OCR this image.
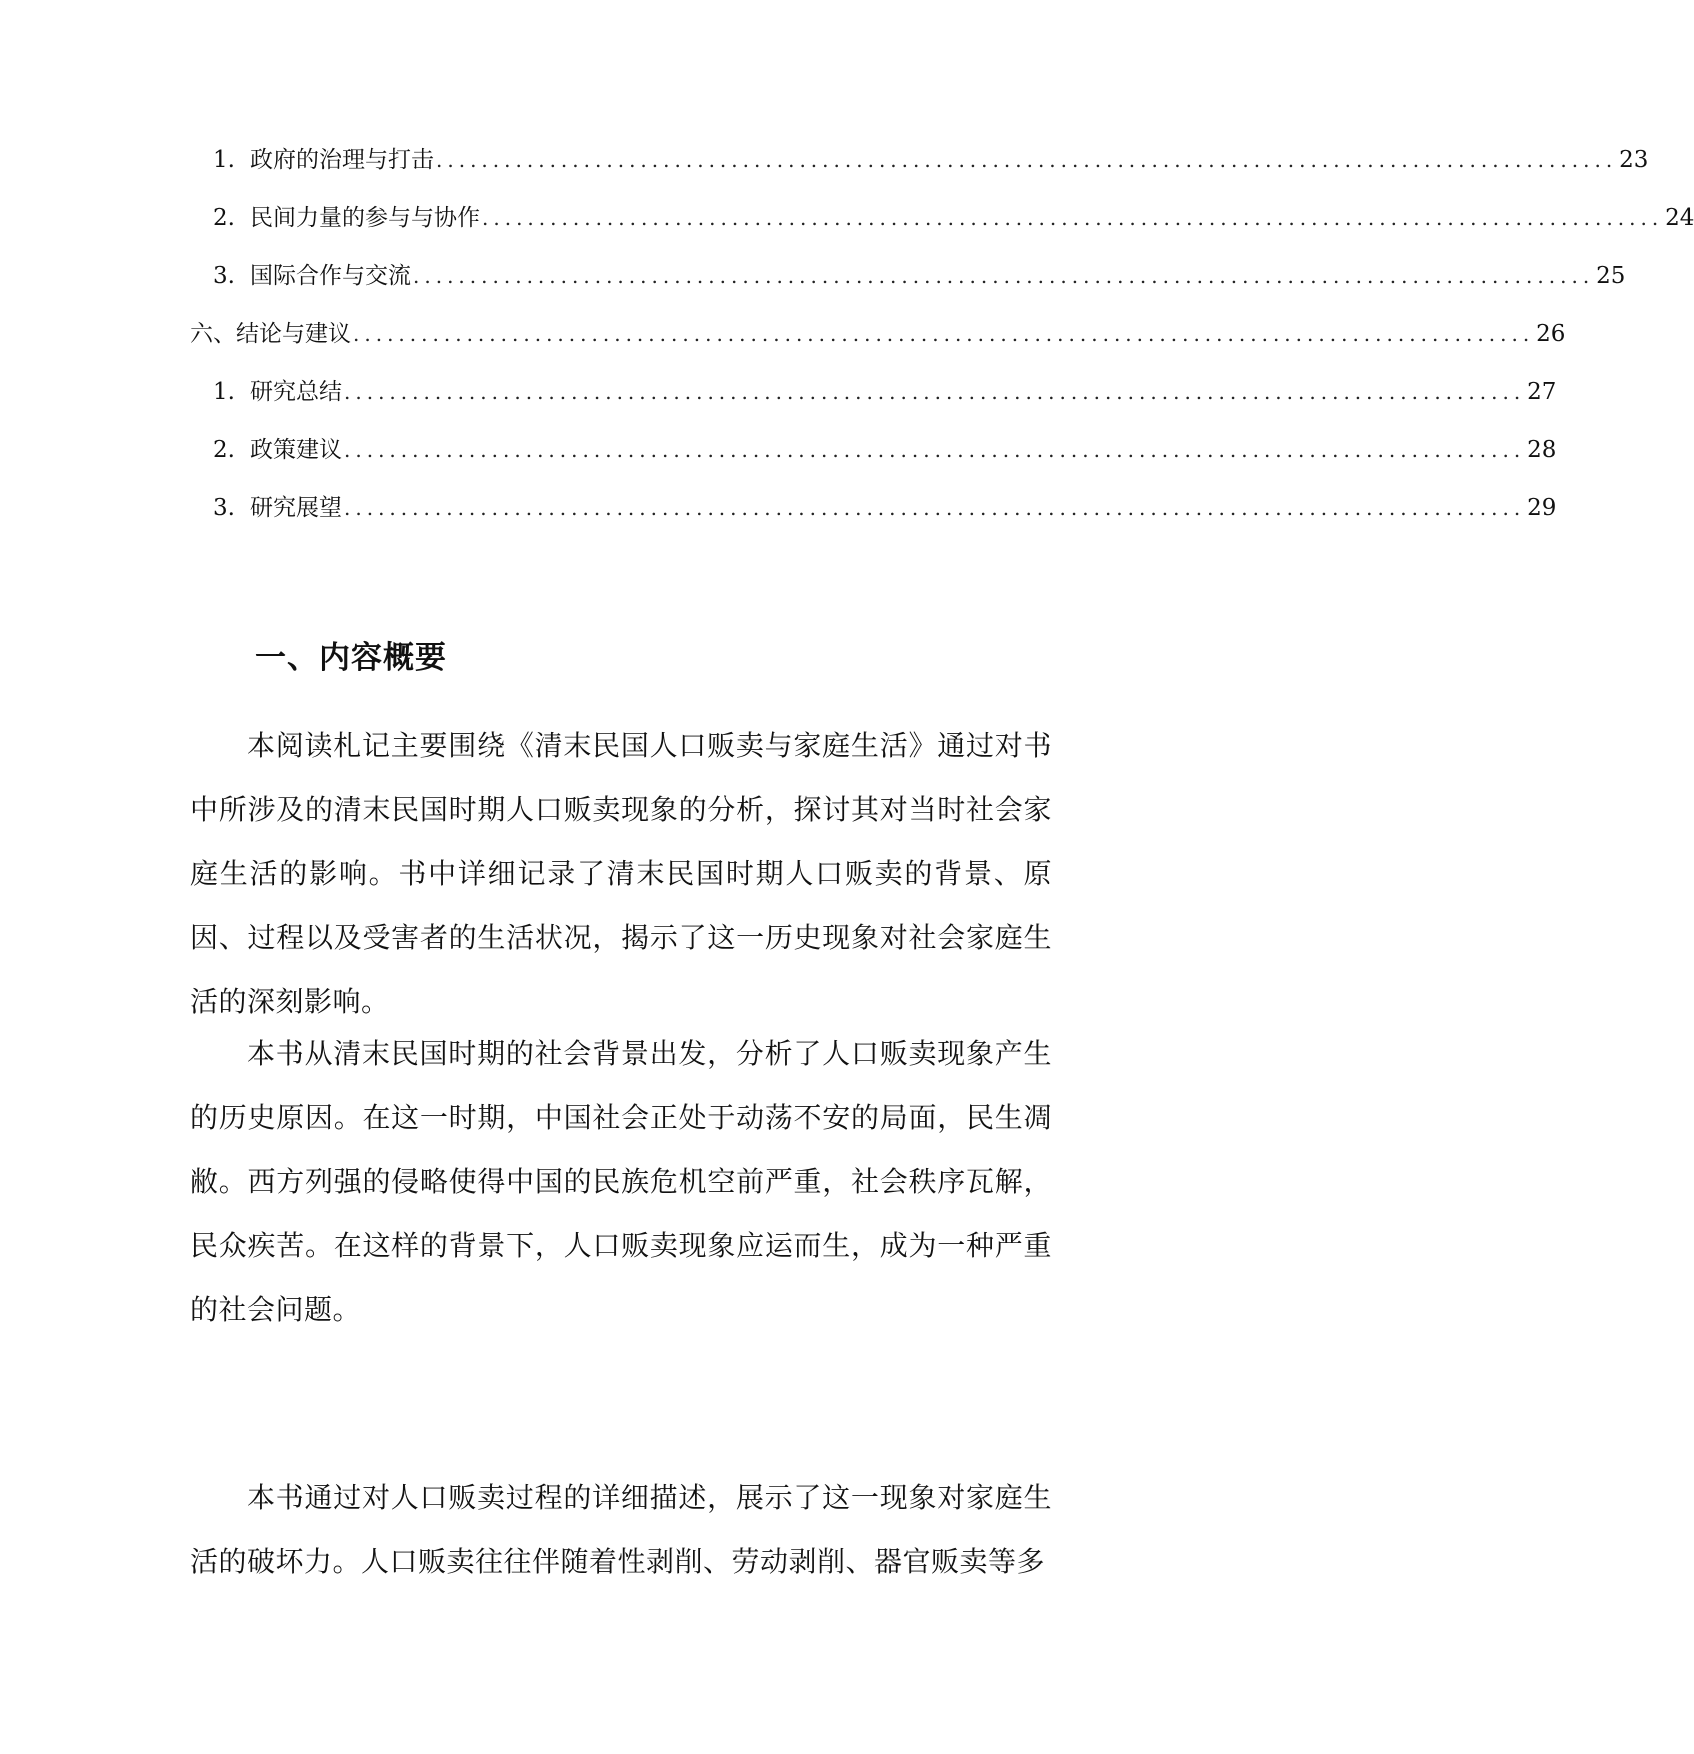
1. 政府的治理与打击 ........................................................................................................ 23
2. 民间力量的参与与协作 ........................................................................................................ 24
3. 国际合作与交流 ........................................................................................................ 25
六、结论与建议 ........................................................................................................ 26
1. 研究总结 ........................................................................................................ 27
2. 政策建议 ........................................................................................................ 28
3. 研究展望 ........................................................................................................ 29
一、内容概要

本阅读札记主要围绕《清末民国人口贩卖与家庭生活》通过对书中所涉及的清末民国时期人口贩卖现象的分析，探讨其对当时社会家庭生活的影响。书中详细记录了清末民国时期人口贩卖的背景、原因、过程以及受害者的生活状况，揭示了这一历史现象对社会家庭生活的深刻影响。

本书从清末民国时期的社会背景出发，分析了人口贩卖现象产生的历史原因。在这一时期，中国社会正处于动荡不安的局面，民生凋敝。西方列强的侵略使得中国的民族危机空前严重，社会秩序瓦解，民众疾苦。在这样的背景下，人口贩卖现象应运而生，成为一种严重的社会问题。

本书通过对人口贩卖过程的详细描述，展示了这一现象对家庭生活的破坏力。人口贩卖往往伴随着性剥削、劳动剥削、器官贩卖等多
